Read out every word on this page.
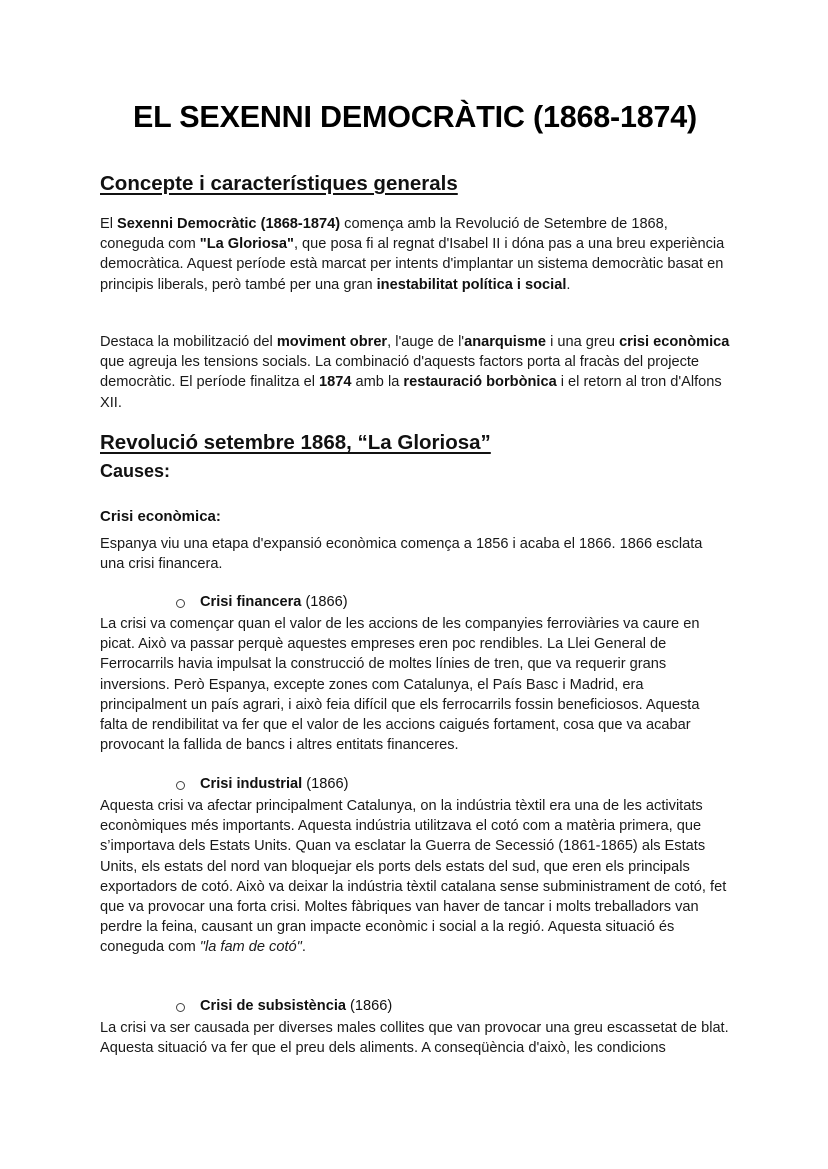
EL SEXENNI DEMOCRÀTIC (1868-1874)
Concepte i característiques generals

El Sexenni Democràtic (1868-1874) comença amb la Revolució de Setembre de 1868, coneguda com "La Gloriosa", que posa fi al regnat d'Isabel II i dóna pas a una breu experiència democràtica. Aquest període està marcat per intents d'implantar un sistema democràtic basat en principis liberals, però també per una gran inestabilitat política i social.

Destaca la mobilització del moviment obrer, l'auge de l'anarquisme i una greu crisi econòmica que agreuja les tensions socials. La combinació d'aquests factors porta al fracàs del projecte democràtic. El període finalitza el 1874 amb la restauració borbònica i el retorn al tron d'Alfons XII.

Revolució setembre 1868, “La Gloriosa”
Causes:
Crisi econòmica:

Espanya viu una etapa d'expansió econòmica comença a 1856 i acaba el 1866. 1866 esclata una crisi financera.

Crisi financera (1866)

La crisi va començar quan el valor de les accions de les companyies ferroviàries va caure en picat. Això va passar perquè aquestes empreses eren poc rendibles. La Llei General de Ferrocarrils havia impulsat la construcció de moltes línies de tren, que va requerir grans inversions. Però Espanya, excepte zones com Catalunya, el País Basc i Madrid, era principalment un país agrari, i això feia difícil que els ferrocarrils fossin beneficiosos. Aquesta falta de rendibilitat va fer que el valor de les accions caigués fortament, cosa que va acabar provocant la fallida de bancs i altres entitats financeres.

Crisi industrial (1866)

Aquesta crisi va afectar principalment Catalunya, on la indústria tèxtil era una de les activitats econòmiques més importants. Aquesta indústria utilitzava el cotó com a matèria primera, que s’importava dels Estats Units. Quan va esclatar la Guerra de Secessió (1861-1865) als Estats Units, els estats del nord van bloquejar els ports dels estats del sud, que eren els principals exportadors de cotó. Això va deixar la indústria tèxtil catalana sense subministrament de cotó, fet que va provocar una forta crisi. Moltes fàbriques van haver de tancar i molts treballadors van perdre la feina, causant un gran impacte econòmic i social a la regió. Aquesta situació és coneguda com "la fam de cotó".

Crisi de subsistència (1866)

La crisi va ser causada per diverses males collites que van provocar una greu escassetat de blat. Aquesta situació va fer que el preu dels aliments. A conseqüència d'això, les condicions
